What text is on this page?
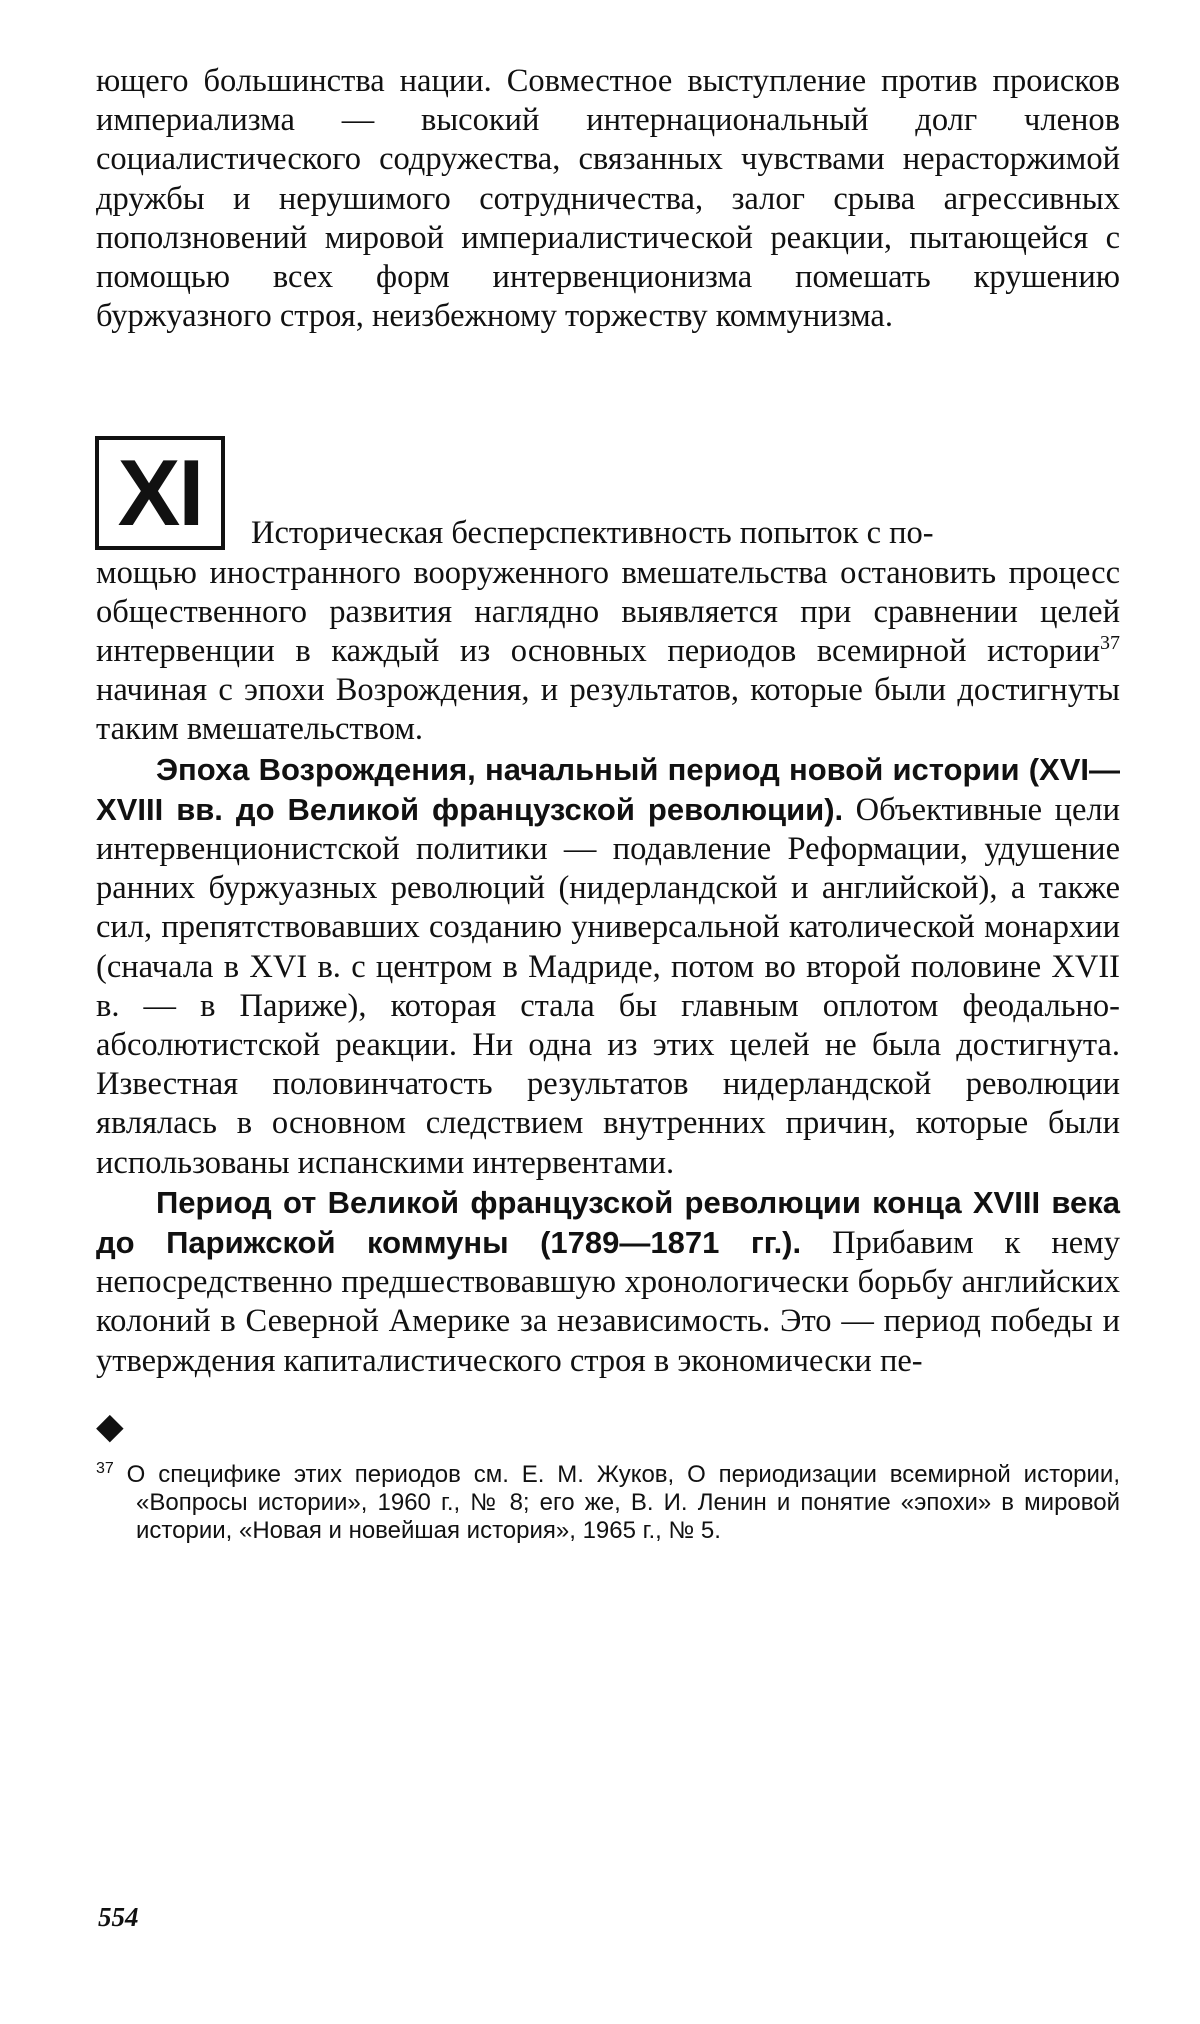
ющего большинства нации. Совместное выступление против происков империализма — высокий интернациональный долг членов социалистического содружества, связанных чувствами нерасторжимой дружбы и нерушимого сотрудничества, залог срыва агрессивных поползновений мировой империалистической реакции, пытающейся с помощью всех форм интервенционизма помешать крушению буржуазного строя, неизбежному торжеству коммунизма.

XI	Историческая бесперспективность попыток с по-
мощью иностранного вооруженного вмешательства остановить процесс общественного развития наглядно выявляется при сравнении целей интервенции в каждый из основных периодов всемирной истории$^{37}$ начиная с эпохи Возрождения, и результатов, которые были достигнуты таким вмешательством.

Эпоха Возрождения, начальный период новой истории (XVI—XVIII вв. до Великой французской революции). Объективные цели интервенционистской политики — подавление Реформации, удушение ранних буржуазных революций (нидерландской и английской), а также сил, препятствовавших созданию универсальной католической монархии (сначала в XVI в. с центром в Мадриде, потом во второй половине XVII в. — в Париже), которая стала бы главным оплотом феодально-абсолютистской реакции. Ни одна из этих целей не была достигнута. Известная половинчатость результатов нидерландской революции являлась в основном следствием внутренних причин, которые были использованы испанскими интервентами.

Период от Великой французской революции конца XVIII века до Парижской коммуны (1789—1871 гг.). Прибавим к нему непосредственно предшествовавшую хронологически борьбу английских колоний в Северной Америке за независимость. Это — период победы и утверждения капиталистического строя в экономически пе-

◆

$^{37}$ О специфике этих периодов см. Е. М. Жуков, О периодизации всемирной истории, «Вопросы истории», 1960 г., № 8; его же, В. И. Ленин и понятие «эпохи» в мировой истории, «Новая и новейшая история», 1965 г., № 5.

554
